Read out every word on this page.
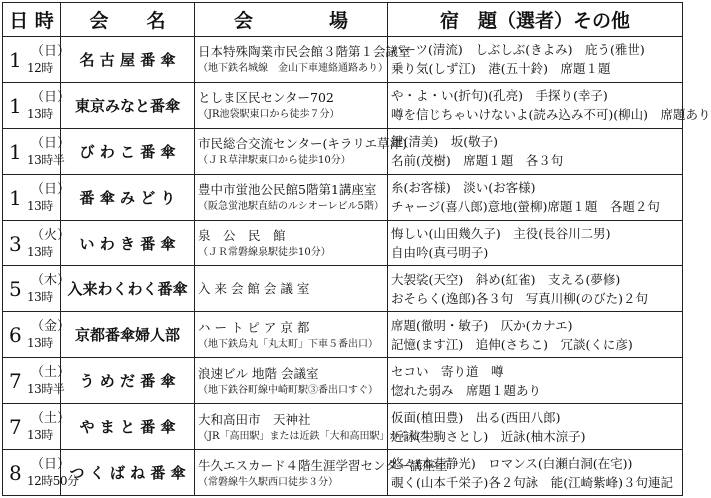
日 時	会　　名	会　　　　場	宿　題（選者）その他

1 （日）
12時	名 古 屋 番 傘	日本特殊陶業市民会館３階第１会議室
（地下鉄名城線　金山下車連絡通路あり）	パーツ(清流)　しぶしぶ(きよみ)　庇う(雅世)
乗り気(しず江)　港(五十鈴)　席題１題

1 （日）
13時	東京みなと番傘	としま区民センター702
（JR池袋駅東口から徒歩７分）	や・よ・い(折句)(孔亮)　手探り(幸子)
噂を信じちゃいけないよ(読み込み不可)(柳山)　席題あり

1 （日）
13時半	び わ こ 番 傘	市民総合交流センター(キラリエ草津)
（ＪＲ草津駅東口から徒歩10分）	鍵(清美)　坂(敬子)
名前(茂樹)　席題１題　各３句

1 （日）
13時	番 傘 み ど り	豊中市蛍池公民館5階第1講座室
（阪急蛍池駅直結のルシオーレビル5階）	糸(お客様)　淡い(お客様)
チャージ(喜八郎)意地(螢柳)席題１題　各題２句

3 （火）
13時	い わ き 番 傘	泉　公　民　館
（ＪＲ常磐線泉駅徒歩10分）	悔しい(山田幾久子)　主役(長谷川二男)
自由吟(真弓明子)

5 （木）
13時	入来わくわく番傘	入 来 会 館 会 議 室	大袈裟(天空)　斜め(紅雀)　支える(夢修)
おそらく(逸郎)各３句　写真川柳(のびた)２句

6 （金）
13時	京都番傘婦人部	ハ ー ト ピ ア 京 都
（地下鉄烏丸「丸太町」下車５番出口）	席題(徹明・敏子)　仄か(カナエ)
記憶(ます江)　追伸(さちこ)　冗談(くに彦)

7 （土）
13時半	う め だ 番 傘	浪速ビル 地階 会議室
（地下鉄谷町線中崎町駅③番出口すぐ）	セコい　寄り道　噂
惚れた弱み　席題１題あり

7 （土）
13時	や ま と 番 傘	大和高田市　天神社
（JR「高田駅」または近鉄「大和高田駅」から徒歩）	仮面(植田豊)　出る(西田八郎)
近詠(生駒さとし)　近詠(柚木涼子)

8 （日）
12時50分	つ く ば ね 番 傘	牛久エスカード４階生涯学習センター講座室
（常磐線牛久駅西口徒歩３分）	悠々(本荘静光)　ロマンス(白瀬白洞(在宅))
覗く(山本千栄子)各２句詠　能(江崎紫峰)３句連記
